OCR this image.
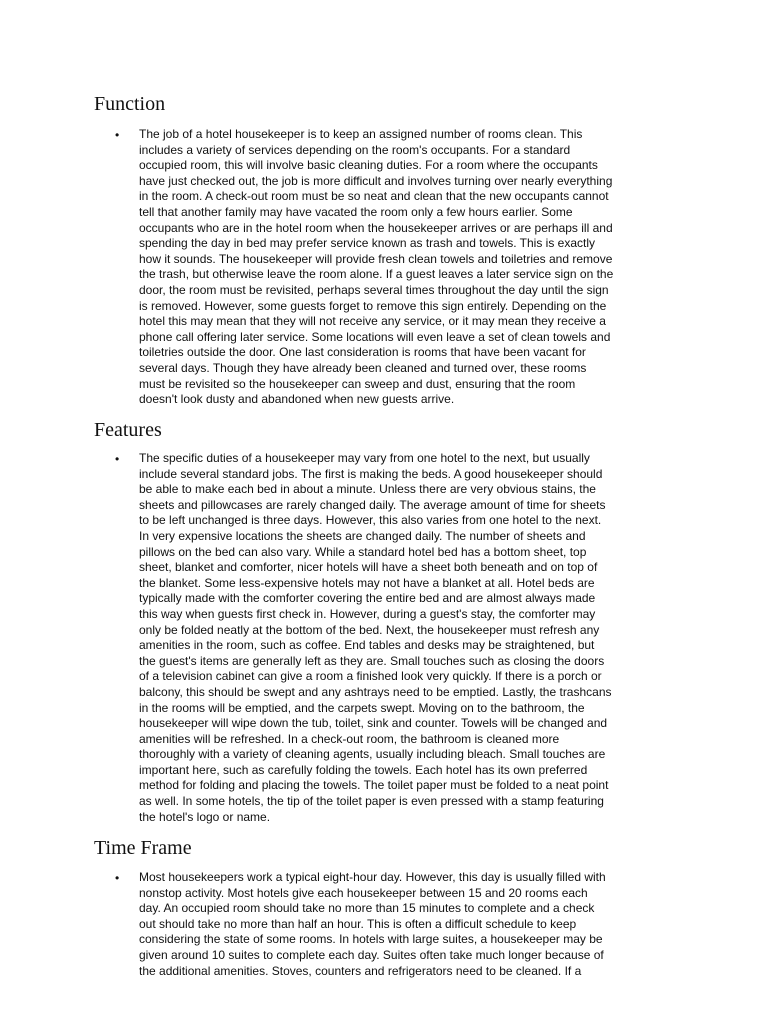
Function
• The job of a hotel housekeeper is to keep an assigned number of rooms clean. This
includes a variety of services depending on the room's occupants. For a standard
occupied room, this will involve basic cleaning duties. For a room where the occupants
have just checked out, the job is more difficult and involves turning over nearly everything
in the room. A check-out room must be so neat and clean that the new occupants cannot
tell that another family may have vacated the room only a few hours earlier. Some
occupants who are in the hotel room when the housekeeper arrives or are perhaps ill and
spending the day in bed may prefer service known as trash and towels. This is exactly
how it sounds. The housekeeper will provide fresh clean towels and toiletries and remove
the trash, but otherwise leave the room alone. If a guest leaves a later service sign on the
door, the room must be revisited, perhaps several times throughout the day until the sign
is removed. However, some guests forget to remove this sign entirely. Depending on the
hotel this may mean that they will not receive any service, or it may mean they receive a
phone call offering later service. Some locations will even leave a set of clean towels and
toiletries outside the door. One last consideration is rooms that have been vacant for
several days. Though they have already been cleaned and turned over, these rooms
must be revisited so the housekeeper can sweep and dust, ensuring that the room
doesn't look dusty and abandoned when new guests arrive.

Features
• The specific duties of a housekeeper may vary from one hotel to the next, but usually
include several standard jobs. The first is making the beds. A good housekeeper should
be able to make each bed in about a minute. Unless there are very obvious stains, the
sheets and pillowcases are rarely changed daily. The average amount of time for sheets
to be left unchanged is three days. However, this also varies from one hotel to the next.
In very expensive locations the sheets are changed daily. The number of sheets and
pillows on the bed can also vary. While a standard hotel bed has a bottom sheet, top
sheet, blanket and comforter, nicer hotels will have a sheet both beneath and on top of
the blanket. Some less-expensive hotels may not have a blanket at all. Hotel beds are
typically made with the comforter covering the entire bed and are almost always made
this way when guests first check in. However, during a guest's stay, the comforter may
only be folded neatly at the bottom of the bed. Next, the housekeeper must refresh any
amenities in the room, such as coffee. End tables and desks may be straightened, but
the guest's items are generally left as they are. Small touches such as closing the doors
of a television cabinet can give a room a finished look very quickly. If there is a porch or
balcony, this should be swept and any ashtrays need to be emptied. Lastly, the trashcans
in the rooms will be emptied, and the carpets swept. Moving on to the bathroom, the
housekeeper will wipe down the tub, toilet, sink and counter. Towels will be changed and
amenities will be refreshed. In a check-out room, the bathroom is cleaned more
thoroughly with a variety of cleaning agents, usually including bleach. Small touches are
important here, such as carefully folding the towels. Each hotel has its own preferred
method for folding and placing the towels. The toilet paper must be folded to a neat point
as well. In some hotels, the tip of the toilet paper is even pressed with a stamp featuring
the hotel's logo or name.

Time Frame
• Most housekeepers work a typical eight-hour day. However, this day is usually filled with
nonstop activity. Most hotels give each housekeeper between 15 and 20 rooms each
day. An occupied room should take no more than 15 minutes to complete and a check
out should take no more than half an hour. This is often a difficult schedule to keep
considering the state of some rooms. In hotels with large suites, a housekeeper may be
given around 10 suites to complete each day. Suites often take much longer because of
the additional amenities. Stoves, counters and refrigerators need to be cleaned. If a
